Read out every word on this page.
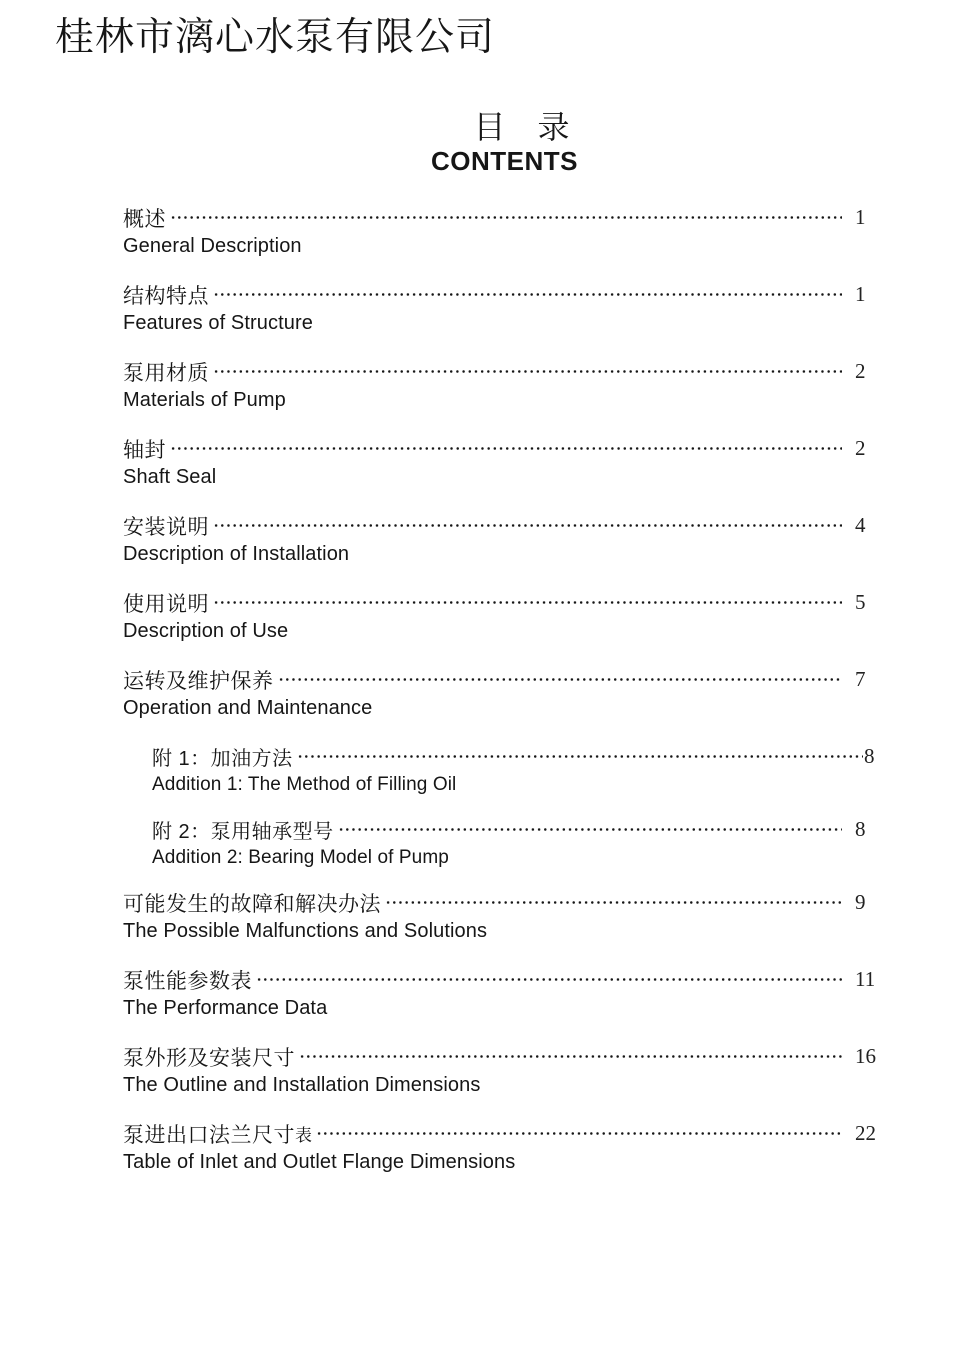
桂林市漓心水泵有限公司
目　录
CONTENTS
概述	1
General Description
结构特点	1
Features of Structure
泵用材质	2
Materials of Pump
轴封	2
Shaft Seal
安装说明	4
Description of Installation
使用说明	5
Description of Use
运转及维护保养	7
Operation and Maintenance
附 1：加油方法	8
Addition 1: The Method of Filling Oil
附 2：泵用轴承型号	8
Addition 2: Bearing Model of Pump
可能发生的故障和解决办法	9
The Possible Malfunctions and Solutions
泵性能参数表	11
The Performance Data
泵外形及安装尺寸	16
The Outline and Installation Dimensions
泵进出口法兰尺寸 表	22
Table of Inlet and Outlet Flange Dimensions
